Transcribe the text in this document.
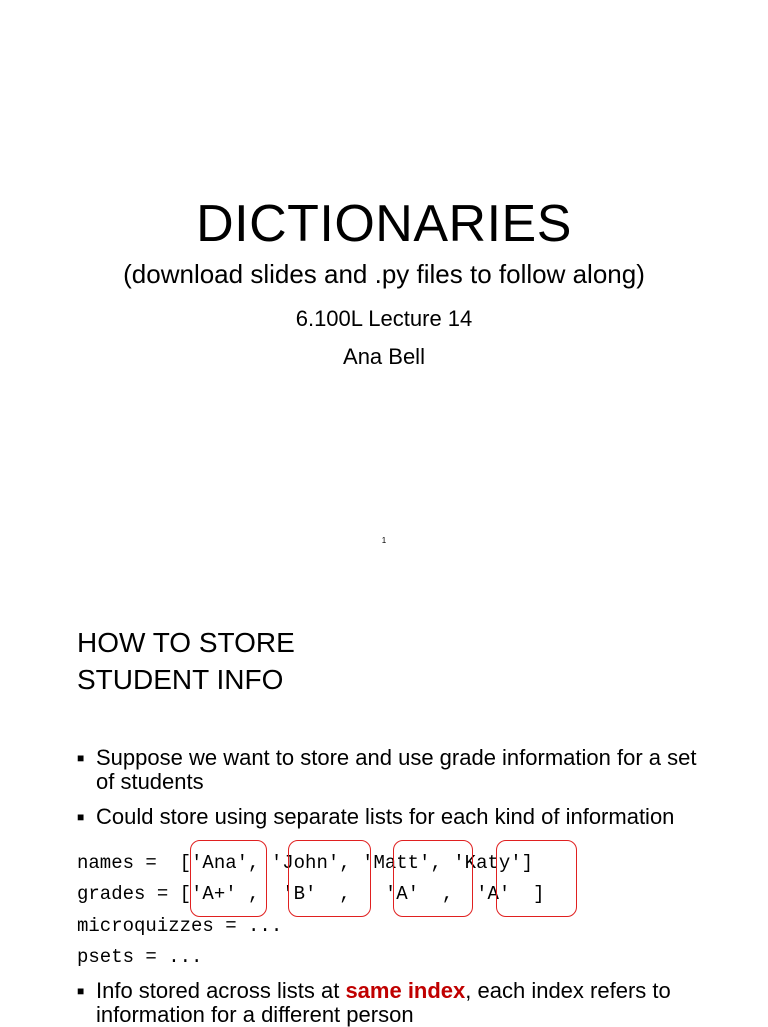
DICTIONARIES
(download slides and .py files to follow along)
6.100L Lecture 14
Ana Bell
1
HOW TO STORE
STUDENT INFO
■ Suppose we want to store and use grade information for a set of students
■ Could store using separate lists for each kind of information
names =  ['Ana', 'John', 'Matt', 'Katy']
grades = ['A+' ,  'B'  ,   'A'  ,  'A'  ]
microquizzes = ...
psets = ...
■ Info stored across lists at same index, each index refers to information for a different person
